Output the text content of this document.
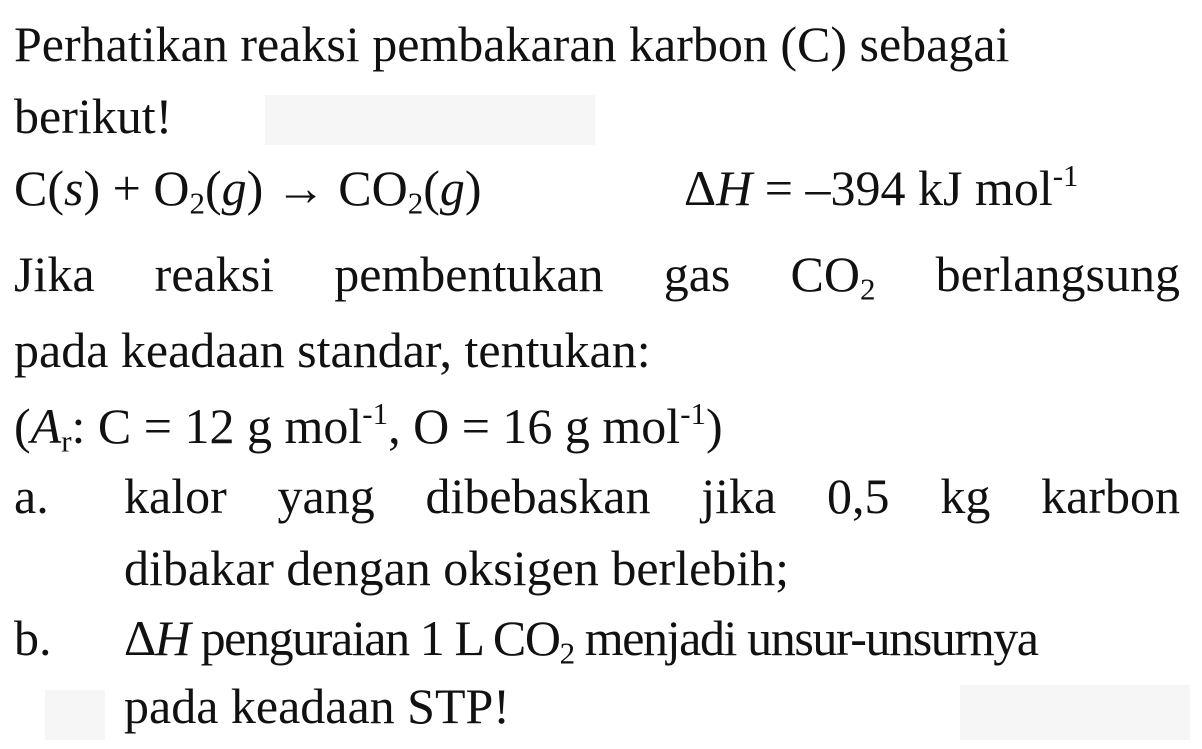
Perhatikan reaksi pembakaran karbon (C) sebagai
berikut!
$C(s) + O_2(g) \to CO_2(g)$	ΔH = –394 kJ mol$^{-1}$
Jika reaksi pembentukan gas $CO_2$ berlangsung
pada keadaan standar, tentukan:
($A_r$: C = 12 g mol$^{-1}$, O = 16 g mol$^{-1}$)
a. kalor yang dibebaskan jika 0,5 kg karbon
dibakar dengan oksigen berlebih;
b. ΔH penguraian 1 L $CO_2$ menjadi unsur-unsurnya
pada keadaan STP!
